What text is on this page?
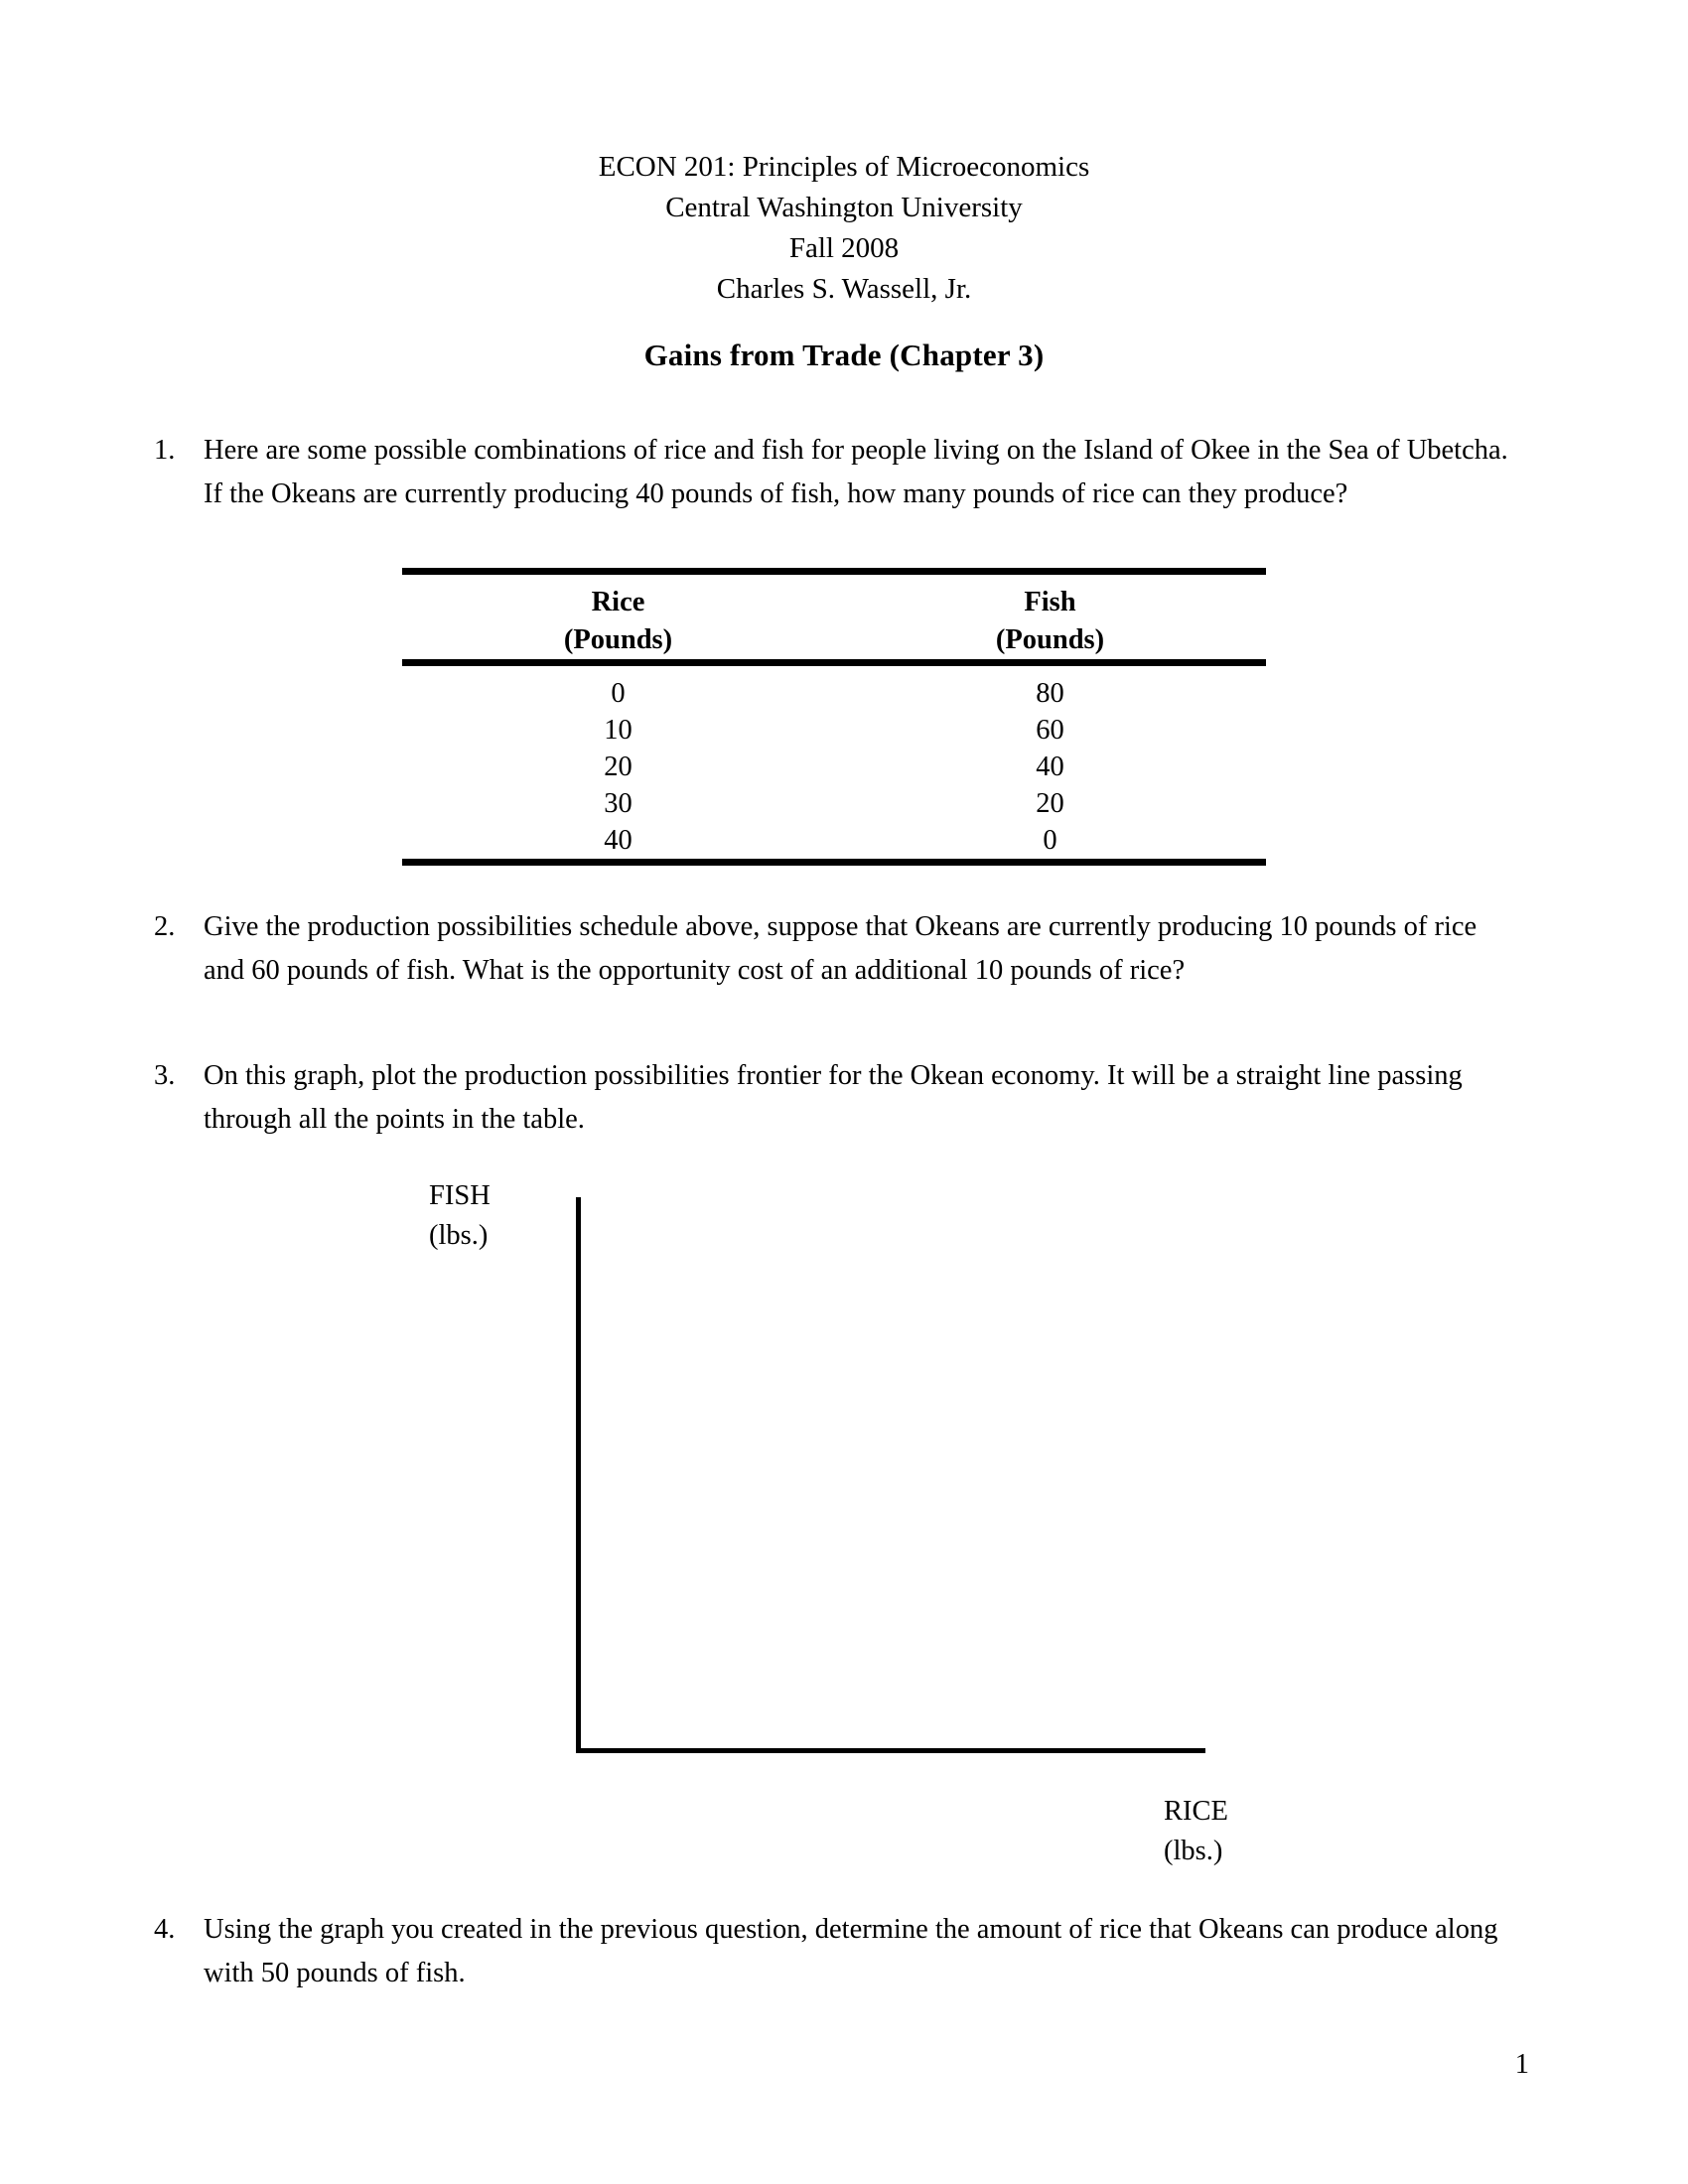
ECON 201: Principles of Microeconomics
Central Washington University
Fall 2008
Charles S. Wassell, Jr.
Gains from Trade (Chapter 3)
1.	Here are some possible combinations of rice and fish for people living on the Island of Okee in the Sea of Ubetcha. If the Okeans are currently producing 40 pounds of fish, how many pounds of rice can they produce?

Rice	Fish
(Pounds)	(Pounds)

0	80
10	60
20	40
30	20
40	0

2.	Give the production possibilities schedule above, suppose that Okeans are currently producing 10 pounds of rice and 60 pounds of fish. What is the opportunity cost of an additional 10 pounds of rice?
3.	On this graph, plot the production possibilities frontier for the Okean economy. It will be a straight line passing through all the points in the table.
FISH
(lbs.)
RICE
(lbs.)
4.	Using the graph you created in the previous question, determine the amount of rice that Okeans can produce along with 50 pounds of fish.
1
